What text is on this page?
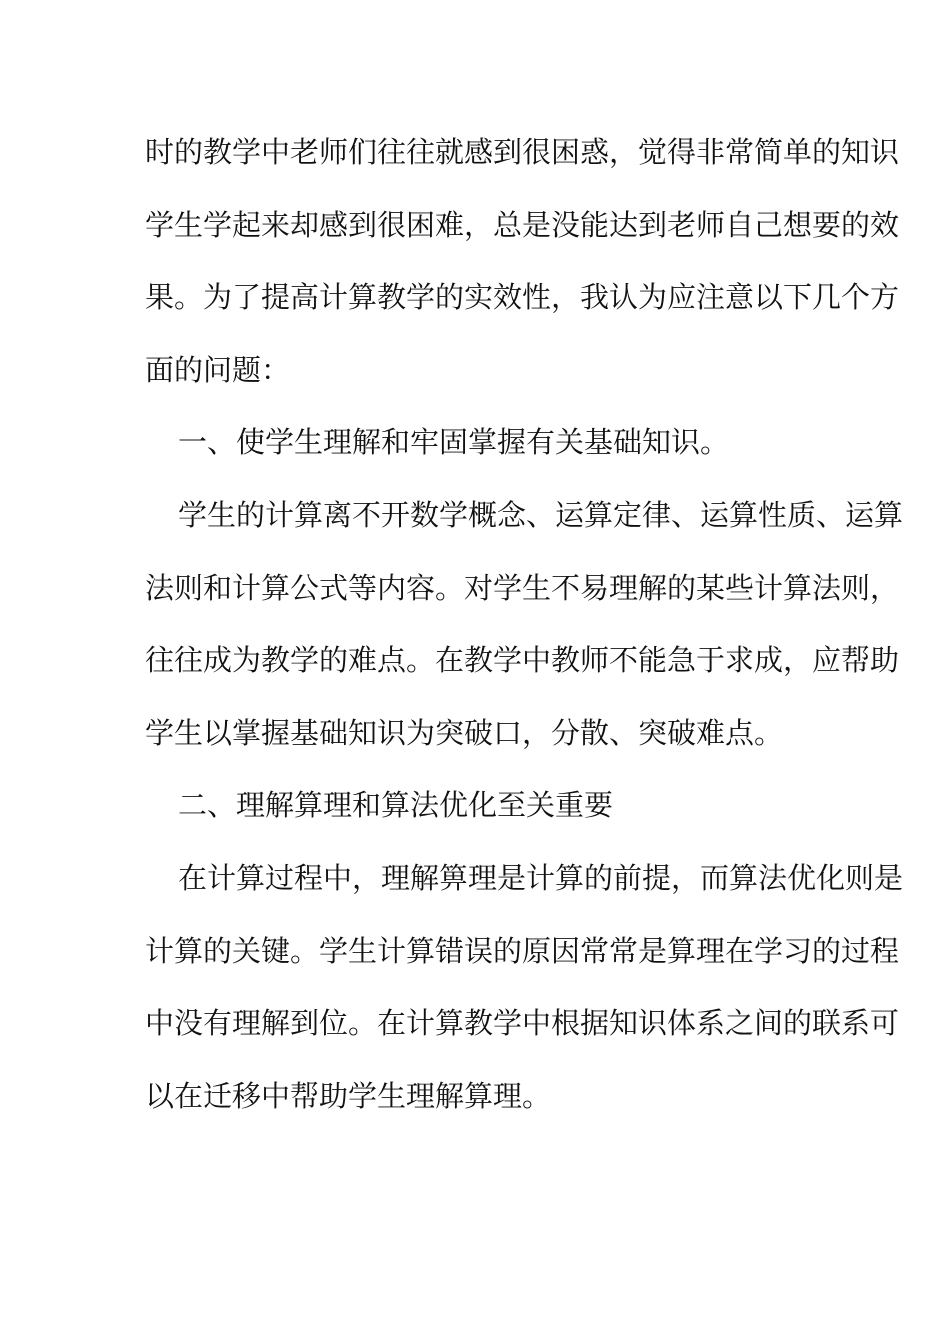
时的教学中老师们往往就感到很困惑，觉得非常简单的知识
学生学起来却感到很困难，总是没能达到老师自己想要的效
果。为了提高计算教学的实效性，我认为应注意以下几个方
面的问题：
一、使学生理解和牢固掌握有关基础知识。
学生的计算离不开数学概念、运算定律、运算性质、运算
法则和计算公式等内容。对学生不易理解的某些计算法则，
往往成为教学的难点。在教学中教师不能急于求成，应帮助
学生以掌握基础知识为突破口，分散、突破难点。
二、理解算理和算法优化至关重要
在计算过程中，理解箅理是计算的前提，而算法优化则是
计算的关键。学生计算错误的原因常常是算理在学习的过程
中没有理解到位。在计算教学中根据知识体系之间的联系可
以在迁移中帮助学生理解算理。
